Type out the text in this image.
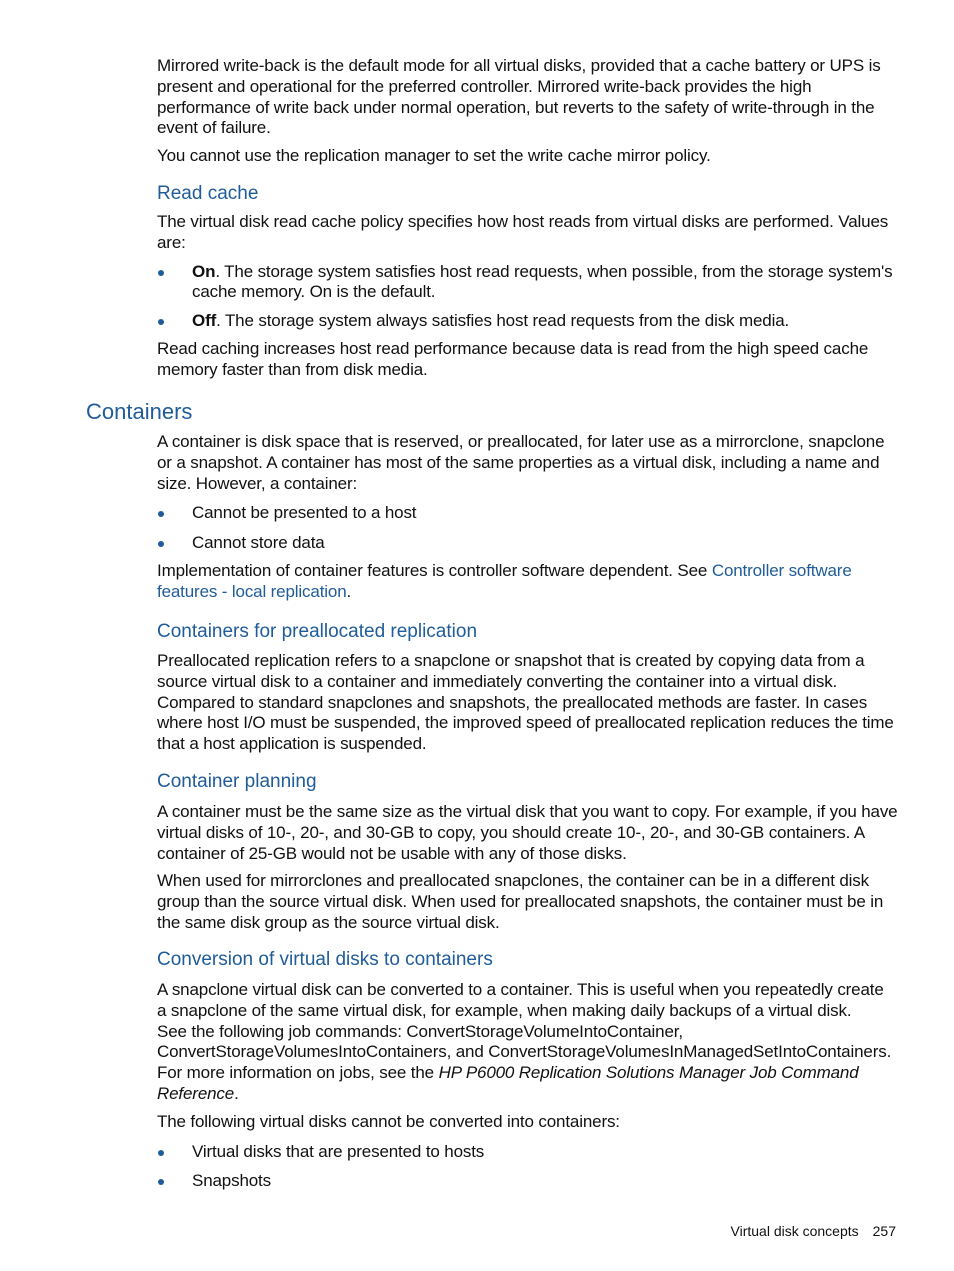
Mirrored write-back is the default mode for all virtual disks, provided that a cache battery or UPS is present and operational for the preferred controller. Mirrored write-back provides the high performance of write back under normal operation, but reverts to the safety of write-through in the event of failure.

You cannot use the replication manager to set the write cache mirror policy.

Read cache

The virtual disk read cache policy specifies how host reads from virtual disks are performed. Values are:

On. The storage system satisfies host read requests, when possible, from the storage system's cache memory. On is the default.
Off. The storage system always satisfies host read requests from the disk media.

Read caching increases host read performance because data is read from the high speed cache memory faster than from disk media.

Containers

A container is disk space that is reserved, or preallocated, for later use as a mirrorclone, snapclone or a snapshot. A container has most of the same properties as a virtual disk, including a name and size. However, a container:

Cannot be presented to a host
Cannot store data

Implementation of container features is controller software dependent. See Controller software features - local replication.

Containers for preallocated replication

Preallocated replication refers to a snapclone or snapshot that is created by copying data from a source virtual disk to a container and immediately converting the container into a virtual disk. Compared to standard snapclones and snapshots, the preallocated methods are faster. In cases where host I/O must be suspended, the improved speed of preallocated replication reduces the time that a host application is suspended.

Container planning

A container must be the same size as the virtual disk that you want to copy. For example, if you have virtual disks of 10-, 20-, and 30-GB to copy, you should create 10-, 20-, and 30-GB containers. A container of 25-GB would not be usable with any of those disks.

When used for mirrorclones and preallocated snapclones, the container can be in a different disk group than the source virtual disk. When used for preallocated snapshots, the container must be in the same disk group as the source virtual disk.

Conversion of virtual disks to containers

A snapclone virtual disk can be converted to a container. This is useful when you repeatedly create
a snapclone of the same virtual disk, for example, when making daily backups of a virtual disk.
See the following job commands: ConvertStorageVolumeIntoContainer,
ConvertStorageVolumesIntoContainers, and ConvertStorageVolumesInManagedSetIntoContainers.
For more information on jobs, see the HP P6000 Replication Solutions Manager Job Command Reference.

The following virtual disks cannot be converted into containers:

Virtual disks that are presented to hosts
Snapshots
Virtual disk concepts 257
